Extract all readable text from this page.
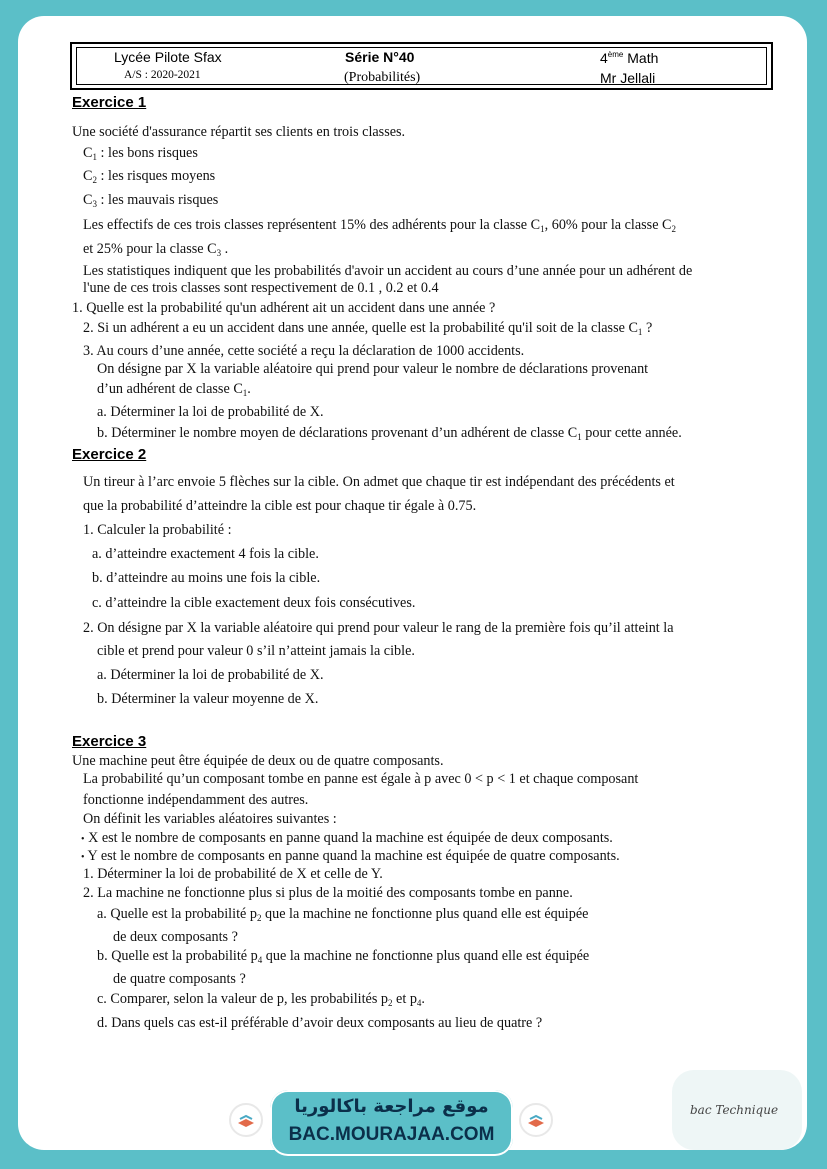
Lycée Pilote Sfax
A/S : 2020-2021
Série N°40
(Probabilités)
4ème Math
Mr Jellali
Exercice 1
Une société d'assurance répartit ses clients en trois classes.
$C_1$ : les bons risques
$C_2$ : les risques moyens
$C_3$ : les mauvais risques
Les effectifs de ces trois classes représentent 15% des adhérents pour la classe $C_1$, 60% pour la classe $C_2$
et 25% pour la classe $C_3$ .
Les statistiques indiquent que les probabilités d'avoir un accident au cours d’une année pour un adhérent de
l'une de ces trois classes sont respectivement de 0.1 , 0.2 et 0.4
1. Quelle est la probabilité qu'un adhérent ait un accident dans une année ?
2. Si un adhérent a eu un accident dans une année, quelle est la probabilité qu'il soit de la classe $C_1$ ?
3. Au cours d’une année, cette société a reçu la déclaration de 1000 accidents.
On désigne par X la variable aléatoire qui prend pour valeur le nombre de déclarations provenant
d’un adhérent de classe $C_1$.
a. Déterminer la loi de probabilité de X.
b. Déterminer le nombre moyen de déclarations provenant d’un adhérent de classe $C_1$ pour cette année.
Exercice 2
Un tireur à l’arc envoie 5 flèches sur la cible. On admet que chaque tir est indépendant des précédents et
que la probabilité d’atteindre la cible est pour chaque tir égale à 0.75.
1. Calculer la probabilité :
a. d’atteindre exactement 4 fois la cible.
b. d’atteindre au moins une fois la cible.
c. d’atteindre la cible exactement deux fois consécutives.
2. On désigne par X la variable aléatoire qui prend pour valeur le rang de la première fois qu’il atteint la
cible et prend pour valeur 0 s’il n’atteint jamais la cible.
a. Déterminer la loi de probabilité de X.
b. Déterminer la valeur moyenne de X.
Exercice 3
Une machine peut être équipée de deux ou de quatre composants.
La probabilité qu’un composant tombe en panne est égale à p avec 0 < p < 1 et chaque composant
fonctionne indépendamment des autres.
On définit les variables aléatoires suivantes :
• X est le nombre de composants en panne quand la machine est équipée de deux composants.
• Y est le nombre de composants en panne quand la machine est équipée de quatre composants.
1. Déterminer la loi de probabilité de X et celle de Y.
2. La machine ne fonctionne plus si plus de la moitié des composants tombe en panne.
a. Quelle est la probabilité $p_2$ que la machine ne fonctionne plus quand elle est équipée
de deux composants ?
b. Quelle est la probabilité $p_4$ que la machine ne fonctionne plus quand elle est équipée
de quatre composants ?
c. Comparer, selon la valeur de p, les probabilités $p_2$ et $p_4$.
d. Dans quels cas est-il préférable d’avoir deux composants au lieu de quatre ?
موقع مراجعة باكالوريا
BAC.MOURAJAA.COM
bac Technique
